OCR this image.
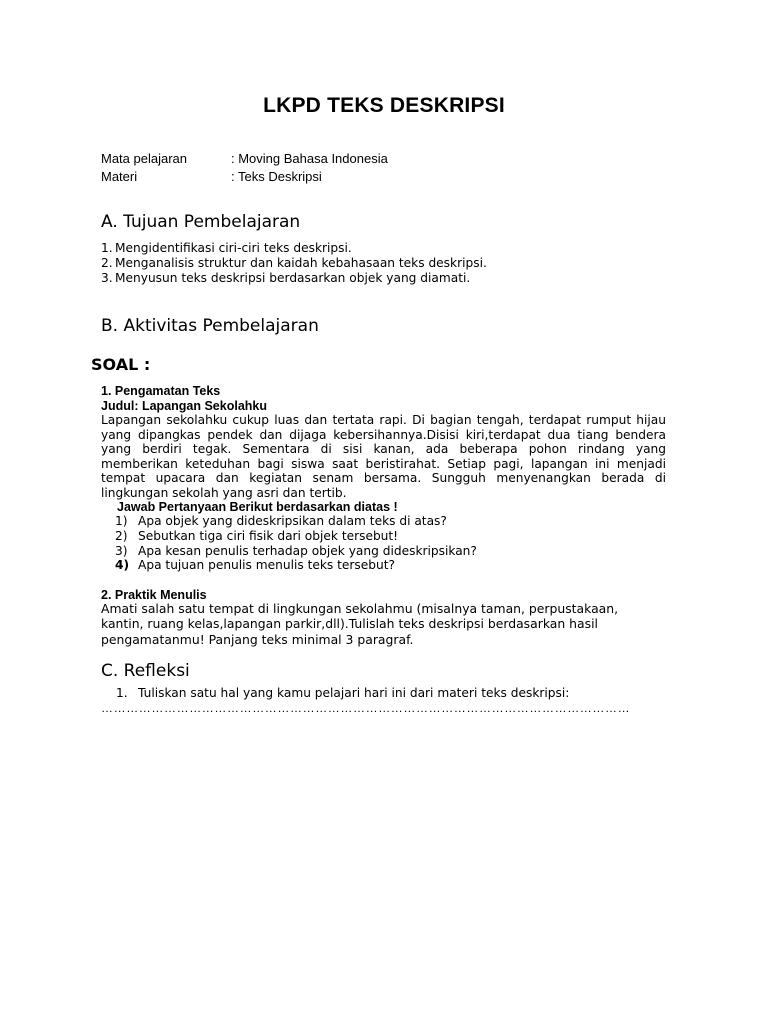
LKPD TEKS DESKRIPSI
Mata pelajaran	: Moving Bahasa Indonesia
Materi	: Teks Deskripsi
A. Tujuan Pembelajaran
1. Mengidentifikasi ciri-ciri teks deskripsi.
2. Menganalisis struktur dan kaidah kebahasaan teks deskripsi.
3. Menyusun teks deskripsi berdasarkan objek yang diamati.
B. Aktivitas Pembelajaran
SOAL :
1. Pengamatan Teks
Judul: Lapangan Sekolahku

Lapangan sekolahku cukup luas dan tertata rapi. Di bagian tengah, terdapat rumput hijau yang dipangkas pendek dan dijaga kebersihannya.Disisi kiri,terdapat dua tiang bendera yang berdiri tegak. Sementara di sisi kanan, ada beberapa pohon rindang yang memberikan keteduhan bagi siswa saat beristirahat. Setiap pagi, lapangan ini menjadi tempat upacara dan kegiatan senam bersama. Sungguh menyenangkan berada di lingkungan sekolah yang asri dan tertib.

Jawab Pertanyaan Berikut berdasarkan diatas !
1) Apa objek yang dideskripsikan dalam teks di atas?
2) Sebutkan tiga ciri fisik dari objek tersebut!
3) Apa kesan penulis terhadap objek yang dideskripsikan?
4) Apa tujuan penulis menulis teks tersebut?
2. Praktik Menulis

Amati salah satu tempat di lingkungan sekolahmu (misalnya taman, perpustakaan, kantin, ruang kelas,lapangan parkir,dll).Tulislah teks deskripsi berdasarkan hasil pengamatanmu! Panjang teks minimal 3 paragraf.

C. Refleksi
1. Tuliskan satu hal yang kamu pelajari hari ini dari materi teks deskripsi:
………………………………………………………………………………………………………………
